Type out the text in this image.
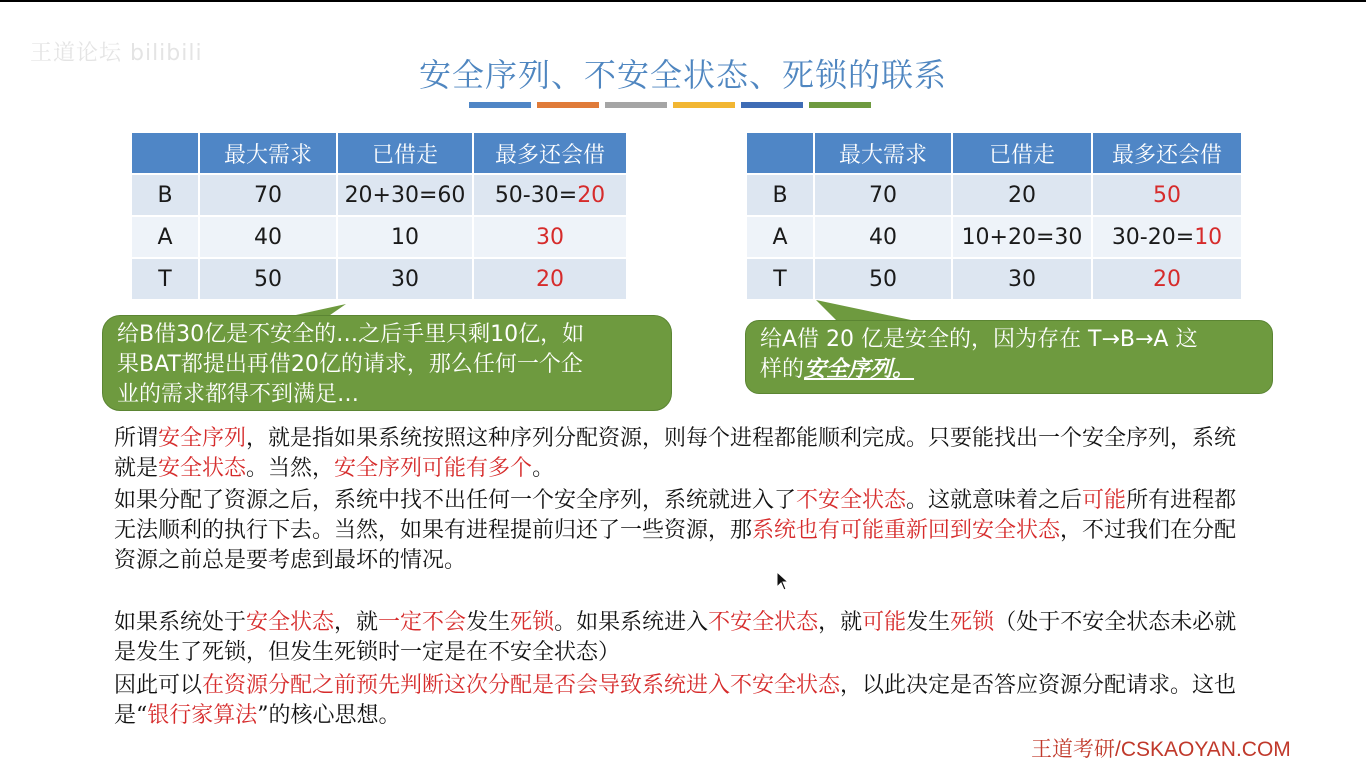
王道论坛 bilibili
安全序列、不安全状态、死锁的联系
	最大需求	已借走	最多还会借
B	70	20+30=60	50-30=20
A	40	10	30
T	50	30	20
	最大需求	已借走	最多还会借
B	70	20	50
A	40	10+20=30	30-20=10
T	50	30	20
给B借30亿是不安全的…之后手里只剩10亿，如
果BAT都提出再借20亿的请求，那么任何一个企
业的需求都得不到满足…
给A借 20 亿是安全的，因为存在 T→B→A 这
样的安全序列。
所谓安全序列，就是指如果系统按照这种序列分配资源，则每个进程都能顺利完成。只要能找出一个安全序列，系统就是安全状态。当然，安全序列可能有多个。
如果分配了资源之后，系统中找不出任何一个安全序列，系统就进入了不安全状态。这就意味着之后可能所有进程都无法顺利的执行下去。当然，如果有进程提前归还了一些资源，那系统也有可能重新回到安全状态，不过我们在分配资源之前总是要考虑到最坏的情况。
如果系统处于安全状态，就一定不会发生死锁。如果系统进入不安全状态，就可能发生死锁（处于不安全状态未必就是发生了死锁，但发生死锁时一定是在不安全状态）
因此可以在资源分配之前预先判断这次分配是否会导致系统进入不安全状态，以此决定是否答应资源分配请求。这也是“银行家算法”的核心思想。
王道考研/CSKAOYAN.COM
